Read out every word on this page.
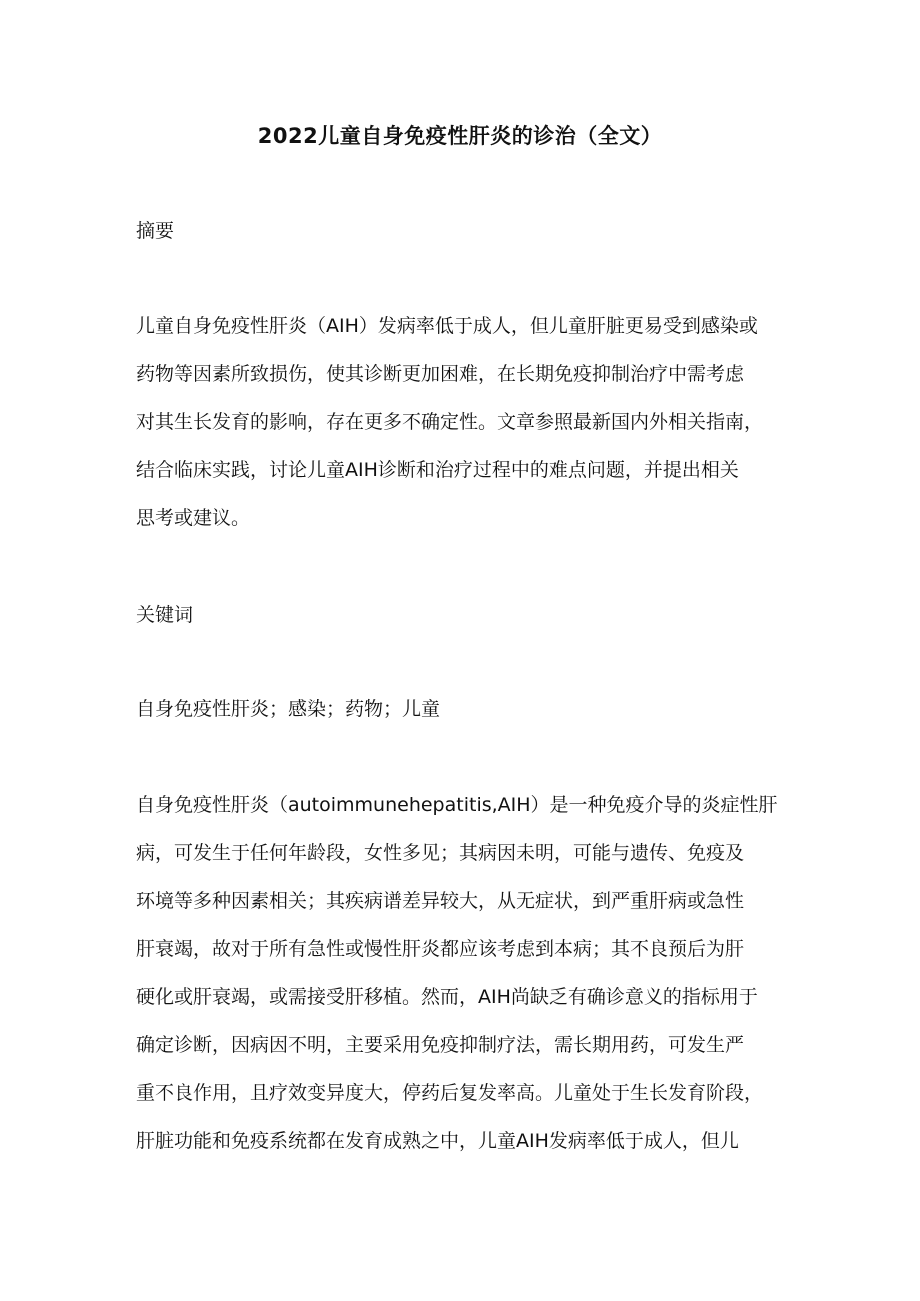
2022儿童自身免疫性肝炎的诊治（全文）
摘要
儿童自身免疫性肝炎（AIH）发病率低于成人，但儿童肝脏更易受到感染或
药物等因素所致损伤，使其诊断更加困难，在长期免疫抑制治疗中需考虑
对其生长发育的影响，存在更多不确定性。文章参照最新国内外相关指南，
结合临床实践，讨论儿童AIH诊断和治疗过程中的难点问题，并提出相关
思考或建议。
关键词
自身免疫性肝炎；感染；药物；儿童
自身免疫性肝炎（autoimmunehepatitis,AIH）是一种免疫介导的炎症性肝
病，可发生于任何年龄段，女性多见；其病因未明，可能与遗传、免疫及
环境等多种因素相关；其疾病谱差异较大，从无症状，到严重肝病或急性
肝衰竭，故对于所有急性或慢性肝炎都应该考虑到本病；其不良预后为肝
硬化或肝衰竭，或需接受肝移植。然而，AIH尚缺乏有确诊意义的指标用于
确定诊断，因病因不明，主要采用免疫抑制疗法，需长期用药，可发生严
重不良作用，且疗效变异度大，停药后复发率高。儿童处于生长发育阶段，
肝脏功能和免疫系统都在发育成熟之中，儿童AIH发病率低于成人，但儿
